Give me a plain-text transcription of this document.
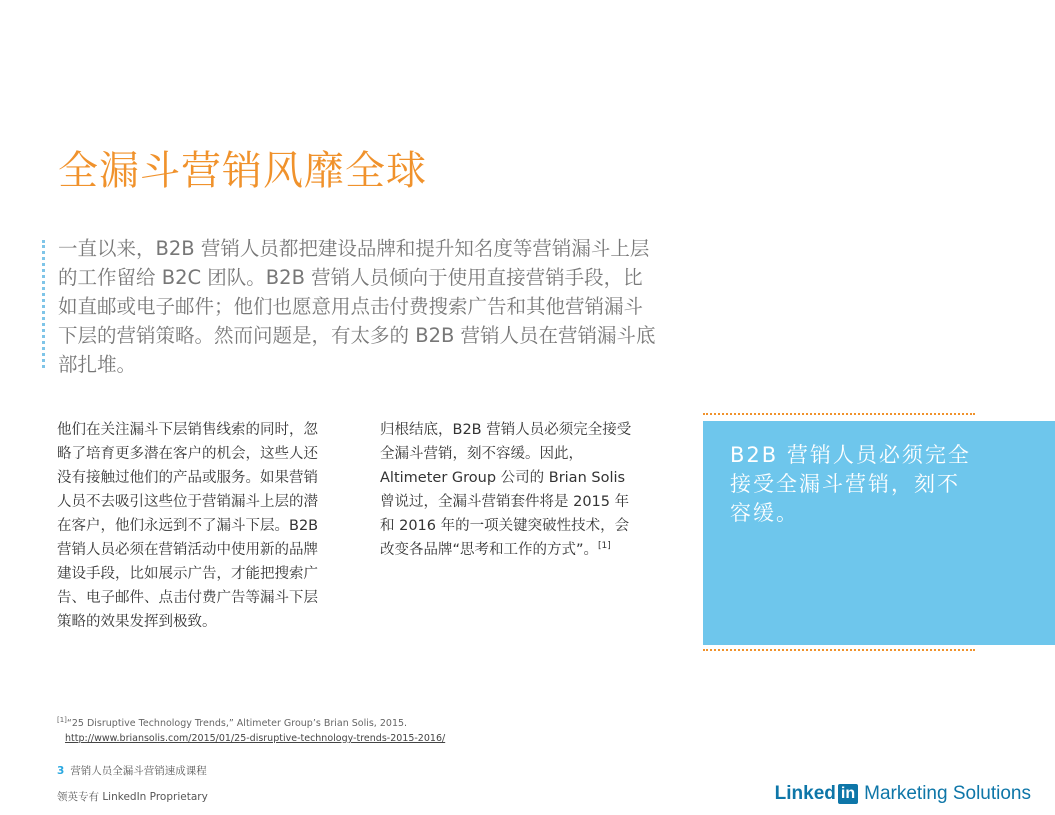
全漏斗营销风靡全球

一直以来，B2B 营销人员都把建设品牌和提升知名度等营销漏斗上层的工作留给 B2C 团队。B2B 营销人员倾向于使用直接营销手段，比如直邮或电子邮件；他们也愿意用点击付费搜索广告和其他营销漏斗下层的营销策略。然而问题是，有太多的 B2B 营销人员在营销漏斗底部扎堆。

他们在关注漏斗下层销售线索的同时，忽略了培育更多潜在客户的机会，这些人还没有接触过他们的产品或服务。如果营销人员不去吸引这些位于营销漏斗上层的潜在客户，他们永远到不了漏斗下层。B2B 营销人员必须在营销活动中使用新的品牌建设手段，比如展示广告，才能把搜索广告、电子邮件、点击付费广告等漏斗下层策略的效果发挥到极致。

归根结底，B2B 营销人员必须完全接受全漏斗营销，刻不容缓。因此，Altimeter Group 公司的 Brian Solis 曾说过，全漏斗营销套件将是 2015 年和 2016 年的一项关键突破性技术，会改变各品牌“思考和工作的方式”。[1]

B2B 营销人员必须完全接受全漏斗营销，刻不容缓。

[1]“25 Disruptive Technology Trends,” Altimeter Group’s Brian Solis, 2015.
http://www.briansolis.com/2015/01/25-disruptive-technology-trends-2015-2016/
3 营销人员全漏斗营销速成课程
领英专有 LinkedIn Proprietary	Linked in Marketing Solutions
